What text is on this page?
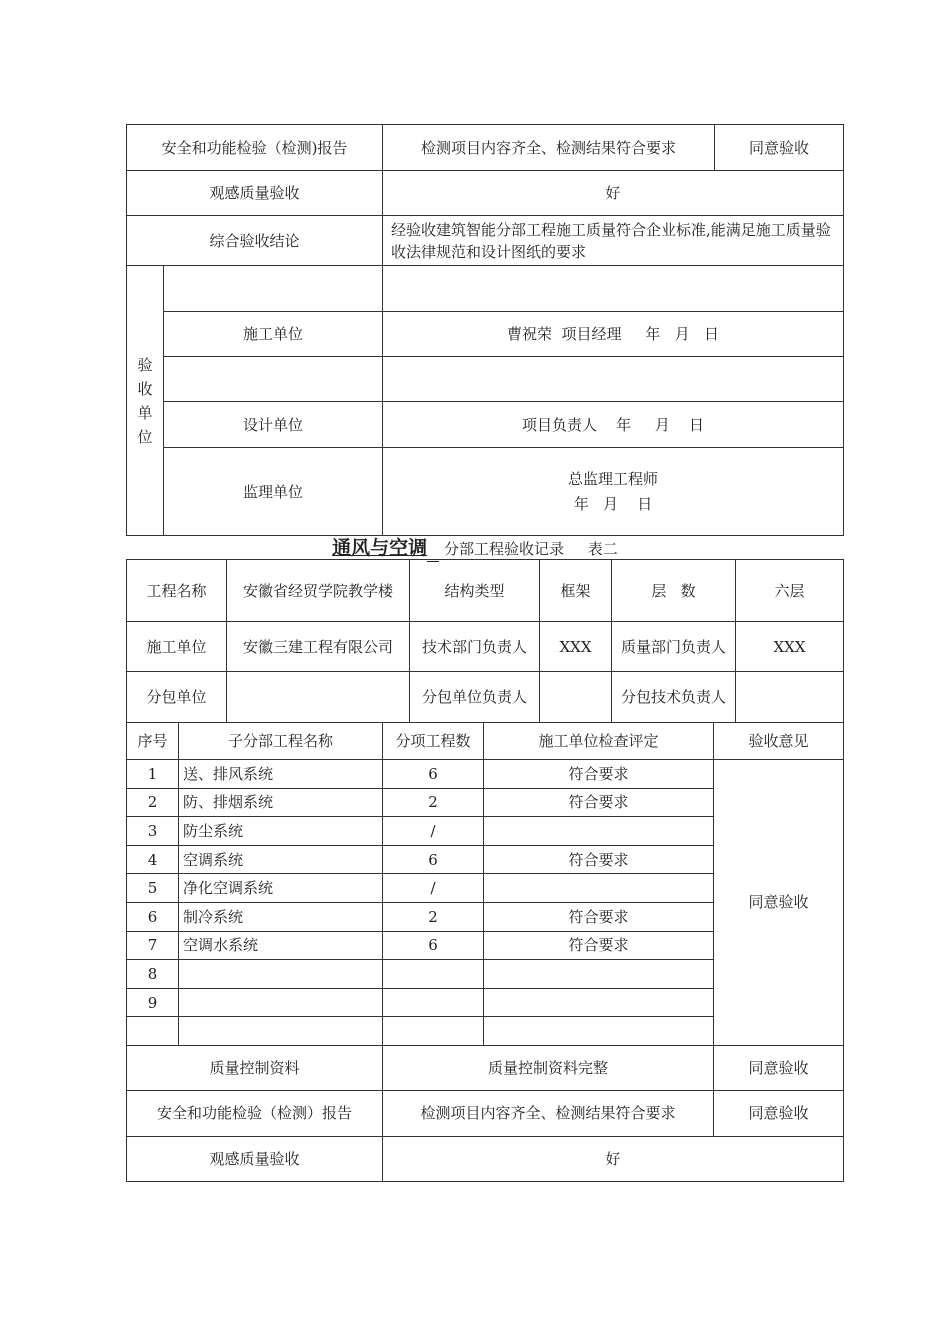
安全和功能检验（检测)报告		检测项目内容齐全、检测结果符合要求	同意验收
观感质量验收		好	
综合验收结论		经验收建筑智能分部工程施工质量符合企业标准,能满足施工质量验收法律规范和设计图纸的要求	

验
收
单
位			

	施工单位	曹祝荣  项目经理     年   月   日	

	设计单位	项目负责人    年     月    日	
	监理单位	总监理工程师
年   月    日	
通风与空调 分部工程验收记录     表二
工程名称	安徽省经贸学院教学楼	结构类型	框架	层   数	六层
施工单位	安徽三建工程有限公司	技术部门负责人	XXX	质量部门负责人	XXX
分包单位		分包单位负责人		分包技术负责人	
序号	子分部工程名称	分项工程数	施工单位检查评定	验收意见
1	送、排风系统	6	符合要求	同意验收
2	防、排烟系统	2	符合要求	
3	防尘系统	/		
4	空调系统	6	符合要求	
5	净化空调系统	/		
6	制冷系统	2	符合要求	
7	空调水系统	6	符合要求	
8				
9				

质量控制资料		质量控制资料完整		同意验收
安全和功能检验（检测）报告		检测项目内容齐全、检测结果符合要求		同意验收
观感质量验收		好		
